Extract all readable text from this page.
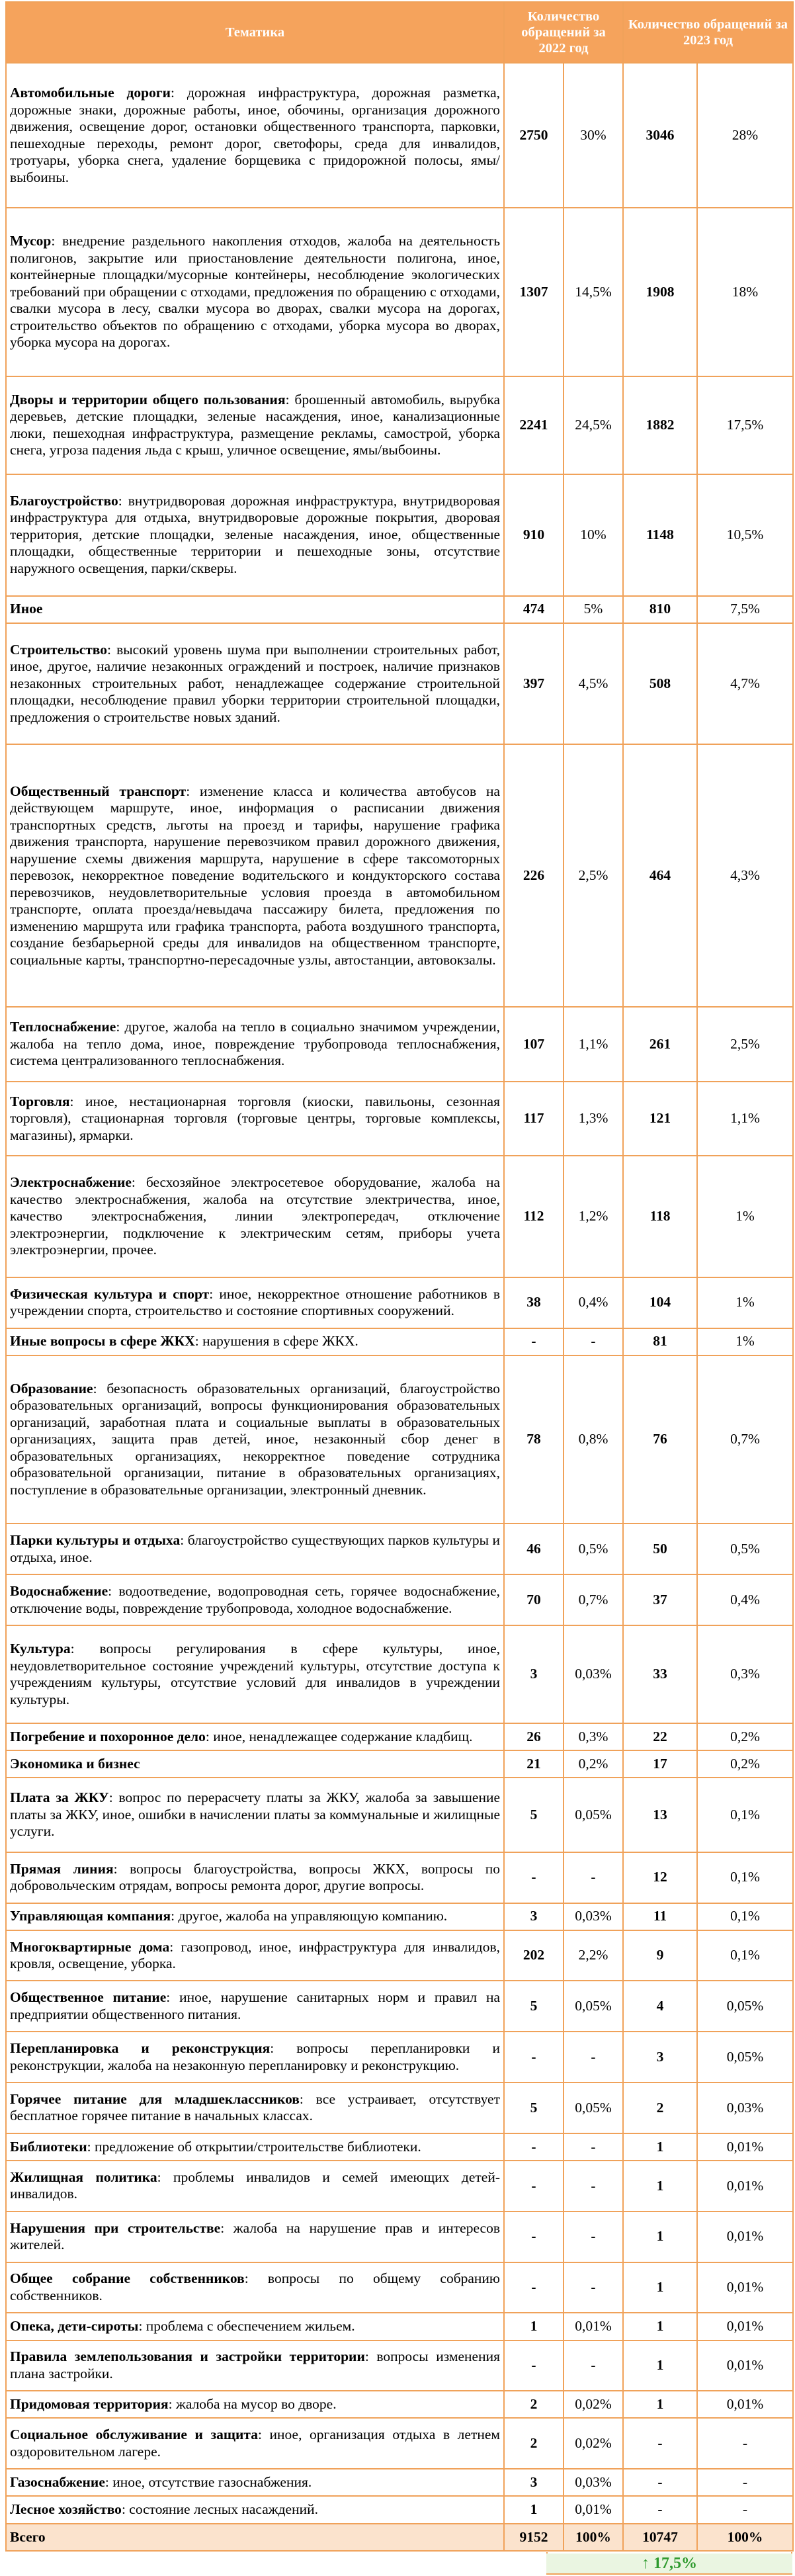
Тематика	Количество обращений за 2022 год		Количество обращений за 2023 год	
Автомобильные дороги: дорожная инфраструктура, дорожная разметка, дорожные знаки, дорожные работы, иное, обочины, организация дорожного движения, освещение дорог, остановки общественного транспорта, парковки, пешеходные переходы, ремонт дорог, светофоры, среда для инвалидов, тротуары, уборка снега, удаление борщевика с придорожной полосы, ямы/выбоины.	2750	30%	3046	28%
Мусор: внедрение раздельного накопления отходов, жалоба на деятельность полигонов, закрытие или приостановление деятельности полигона, иное, контейнерные площадки/мусорные контейнеры, несоблюдение экологических требований при обращении с отходами, предложения по обращению с отходами, свалки мусора в лесу, свалки мусора во дворах, свалки мусора на дорогах, строительство объектов по обращению с отходами, уборка мусора во дворах, уборка мусора на дорогах.	1307	14,5%	1908	18%
Дворы и территории общего пользования: брошенный автомобиль, вырубка деревьев, детские площадки, зеленые насаждения, иное, канализационные люки, пешеходная инфраструктура, размещение рекламы, самострой, уборка снега, угроза падения льда с крыш, уличное освещение, ямы/выбоины.	2241	24,5%	1882	17,5%
Благоустройство: внутридворовая дорожная инфраструктура, внутридворовая инфраструктура для отдыха, внутридворовые дорожные покрытия, дворовая территория, детские площадки, зеленые насаждения, иное, общественные площадки, общественные территории и пешеходные зоны, отсутствие наружного освещения, парки/скверы.	910	10%	1148	10,5%
Иное	474	5%	810	7,5%
Строительство: высокий уровень шума при выполнении строительных работ, иное, другое, наличие незаконных ограждений и построек, наличие признаков незаконных строительных работ, ненадлежащее содержание строительной площадки, несоблюдение правил уборки территории строительной площадки, предложения о строительстве новых зданий.	397	4,5%	508	4,7%
Общественный транспорт: изменение класса и количества автобусов на действующем маршруте, иное, информация о расписании движения транспортных средств, льготы на проезд и тарифы, нарушение графика движения транспорта, нарушение перевозчиком правил дорожного движения, нарушение схемы движения маршрута, нарушение в сфере таксомоторных перевозок, некорректное поведение водительского и кондукторского состава перевозчиков, неудовлетворительные условия проезда в автомобильном транспорте, оплата проезда/невыдача пассажиру билета, предложения по изменению маршрута или графика транспорта, работа воздушного транспорта, создание безбарьерной среды для инвалидов на общественном транспорте, социальные карты, транспортно-пересадочные узлы, автостанции, автовокзалы.	226	2,5%	464	4,3%
Теплоснабжение: другое, жалоба на тепло в социально значимом учреждении, жалоба на тепло дома, иное, повреждение трубопровода теплоснабжения, система централизованного теплоснабжения.	107	1,1%	261	2,5%
Торговля: иное, нестационарная торговля (киоски, павильоны, сезонная торговля), стационарная торговля (торговые центры, торговые комплексы, магазины), ярмарки.	117	1,3%	121	1,1%
Электроснабжение: бесхозяйное электросетевое оборудование, жалоба на качество электроснабжения, жалоба на отсутствие электричества, иное, качество электроснабжения, линии электропередач, отключение электроэнергии, подключение к электрическим сетям, приборы учета электроэнергии, прочее.	112	1,2%	118	1%
Физическая культура и спорт: иное, некорректное отношение работников в учреждении спорта, строительство и состояние спортивных сооружений.	38	0,4%	104	1%
Иные вопросы в сфере ЖКХ: нарушения в сфере ЖКХ.	-	-	81	1%
Образование: безопасность образовательных организаций, благоустройство образовательных организаций, вопросы функционирования образовательных организаций, заработная плата и социальные выплаты в образовательных организациях, защита прав детей, иное, незаконный сбор денег в образовательных организациях, некорректное поведение сотрудника образовательной организации, питание в образовательных организациях, поступление в образовательные организации, электронный дневник.	78	0,8%	76	0,7%
Парки культуры и отдыха: благоустройство существующих парков культуры и отдыха, иное.	46	0,5%	50	0,5%
Водоснабжение: водоотведение, водопроводная сеть, горячее водоснабжение, отключение воды, повреждение трубопровода, холодное водоснабжение.	70	0,7%	37	0,4%
Культура: вопросы регулирования в сфере культуры, иное, неудовлетворительное состояние учреждений культуры, отсутствие доступа к учреждениям культуры, отсутствие условий для инвалидов в учреждении культуры.	3	0,03%	33	0,3%
Погребение и похоронное дело: иное, ненадлежащее содержание кладбищ.	26	0,3%	22	0,2%
Экономика и бизнес	21	0,2%	17	0,2%
Плата за ЖКУ: вопрос по перерасчету платы за ЖКУ, жалоба за завышение платы за ЖКУ, иное, ошибки в начислении платы за коммунальные и жилищные услуги.	5	0,05%	13	0,1%
Прямая линия: вопросы благоустройства, вопросы ЖКХ, вопросы по добровольческим отрядам, вопросы ремонта дорог, другие вопросы.	-	-	12	0,1%
Управляющая компания: другое, жалоба на управляющую компанию.	3	0,03%	11	0,1%
Многоквартирные дома: газопровод, иное, инфраструктура для инвалидов, кровля, освещение, уборка.	202	2,2%	9	0,1%
Общественное питание: иное, нарушение санитарных норм и правил на предприятии общественного питания.	5	0,05%	4	0,05%
Перепланировка и реконструкция: вопросы перепланировки и реконструкции, жалоба на незаконную перепланировку и реконструкцию.	-	-	3	0,05%
Горячее питание для младшеклассников: все устраивает, отсутствует бесплатное горячее питание в начальных классах.	5	0,05%	2	0,03%
Библиотеки: предложение об открытии/строительстве библиотеки.	-	-	1	0,01%
Жилищная политика: проблемы инвалидов и семей имеющих детей-инвалидов.	-	-	1	0,01%
Нарушения при строительстве: жалоба на нарушение прав и интересов жителей.	-	-	1	0,01%
Общее собрание собственников: вопросы по общему собранию собственников.	-	-	1	0,01%
Опека, дети-сироты: проблема с обеспечением жильем.	1	0,01%	1	0,01%
Правила землепользования и застройки территории: вопросы изменения плана застройки.	-	-	1	0,01%
Придомовая территория: жалоба на мусор во дворе.	2	0,02%	1	0,01%
Социальное обслуживание и защита: иное, организация отдыха в летнем оздоровительном лагере.	2	0,02%	-	-
Газоснабжение: иное, отсутствие газоснабжения.	3	0,03%	-	-
Лесное хозяйство: состояние лесных насаждений.	1	0,01%	-	-
Всего	9152	100%	10747	100%
↑ 17,5%
